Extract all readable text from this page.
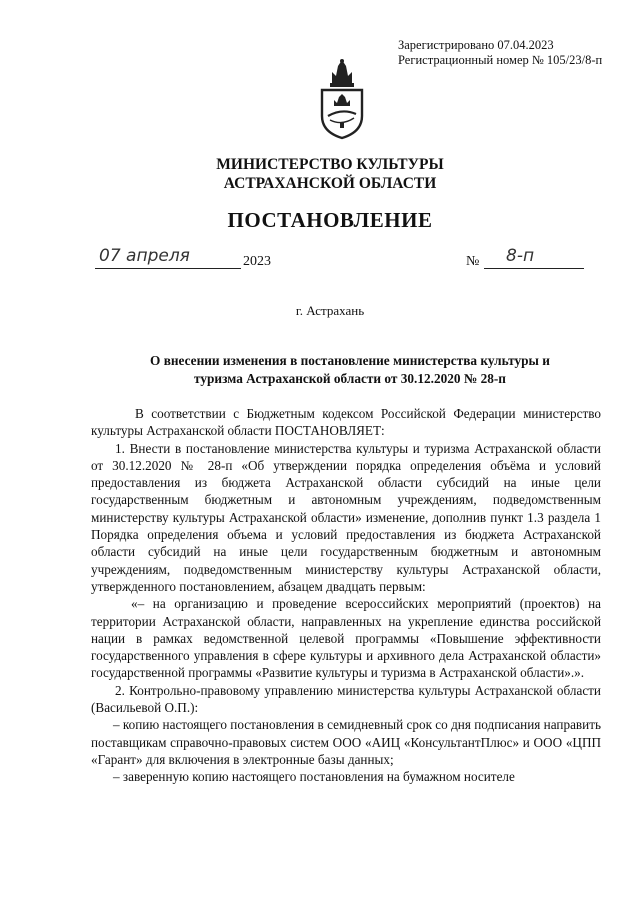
Зарегистрировано 07.04.2023
Регистрационный номер № 105/23/8-п
МИНИСТЕРСТВО КУЛЬТУРЫ
АСТРАХАНСКОЙ ОБЛАСТИ
ПОСТАНОВЛЕНИЕ
07 апреля	2023	№ 8-п
г. Астрахань
О внесении изменения в постановление министерства культуры и
туризма Астраханской области от 30.12.2020 № 28-п

В соответствии с Бюджетным кодексом Российской Федерации министерство культуры Астраханской области ПОСТАНОВЛЯЕТ:

1. Внести в постановление министерства культуры и туризма Астраханской области от 30.12.2020 № 28-п «Об утверждении порядка определения объёма и условий предоставления из бюджета Астраханской области субсидий на иные цели государственным бюджетным и автономным учреждениям, подведомственным министерству культуры Астраханской области» изменение, дополнив пункт 1.3 раздела 1 Порядка определения объема и условий предоставления из бюджета Астраханской области субсидий на иные цели государственным бюджетным и автономным учреждениям, подведомственным министерству культуры Астраханской области, утвержденного постановлением, абзацем двадцать первым:

«– на организацию и проведение всероссийских мероприятий (проектов) на территории Астраханской области, направленных на укрепление единства российской нации в рамках ведомственной целевой программы «Повышение эффективности государственного управления в сфере культуры и архивного дела Астраханской области» государственной программы «Развитие культуры и туризма в Астраханской области».».

2. Контрольно-правовому управлению министерства культуры Астраханской области (Васильевой О.П.):

– копию настоящего постановления в семидневный срок со дня подписания направить поставщикам справочно-правовых систем ООО «АИЦ «КонсультантПлюс» и ООО «ЦПП «Гарант» для включения в электронные базы данных;

– заверенную копию настоящего постановления на бумажном носителе
